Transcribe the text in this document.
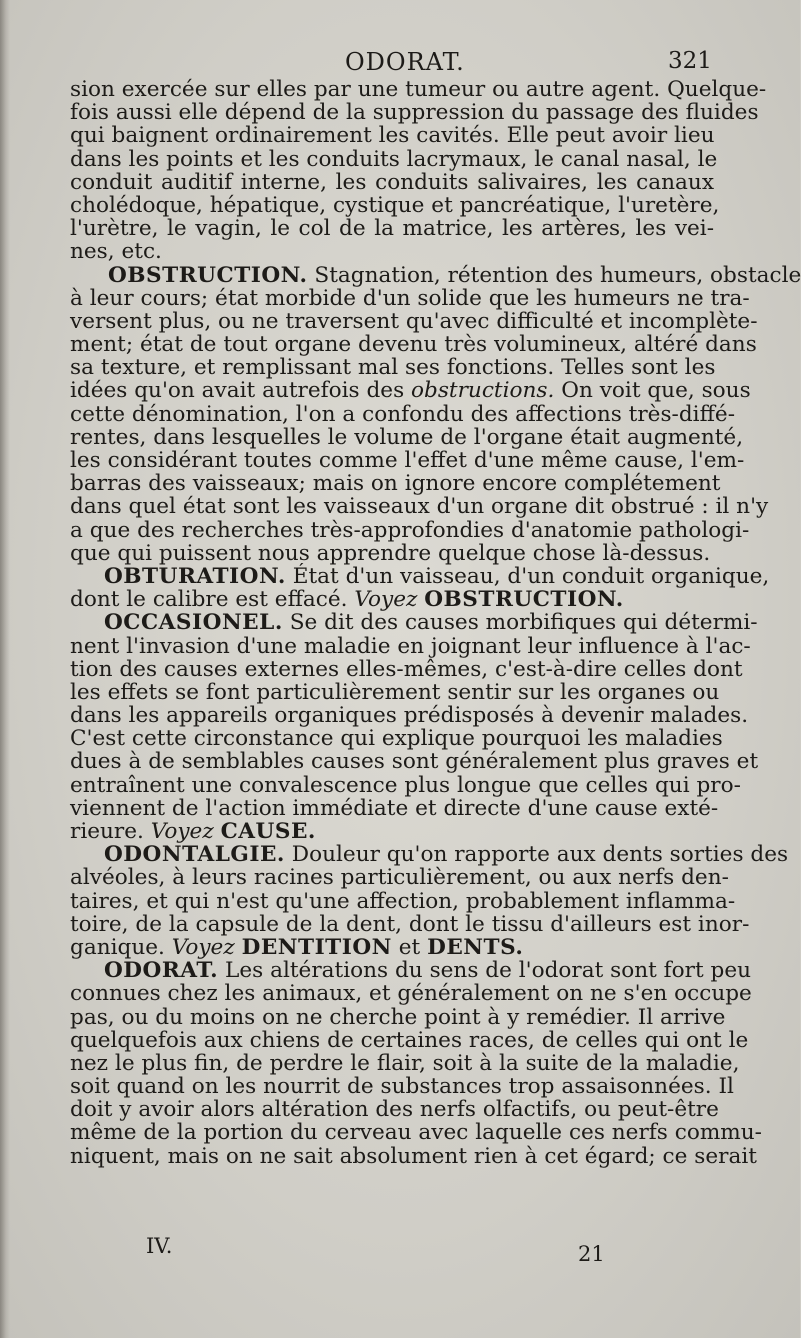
ODORAT.	321
sion exercée sur elles par une tumeur ou autre agent. Quelque-
fois aussi elle dépend de la suppression du passage des fluides
qui baignent ordinairement les cavités. Elle peut avoir lieu
dans les points et les conduits lacrymaux, le canal nasal, le
conduit auditif interne, les conduits salivaires, les canaux
cholédoque, hépatique, cystique et pancréatique, l'uretère,
l'urètre, le vagin, le col de la matrice, les artères, les vei-
nes, etc.
OBSTRUCTION. Stagnation, rétention des humeurs, obstacle
à leur cours; état morbide d'un solide que les humeurs ne tra-
versent plus, ou ne traversent qu'avec difficulté et incomplète-
ment; état de tout organe devenu très volumineux, altéré dans
sa texture, et remplissant mal ses fonctions. Telles sont les
idées qu'on avait autrefois des obstructions. On voit que, sous
cette dénomination, l'on a confondu des affections très-diffé-
rentes, dans lesquelles le volume de l'organe était augmenté,
les considérant toutes comme l'effet d'une même cause, l'em-
barras des vaisseaux; mais on ignore encore complétement
dans quel état sont les vaisseaux d'un organe dit obstrué : il n'y
a que des recherches très-approfondies d'anatomie pathologi-
que qui puissent nous apprendre quelque chose là-dessus.
OBTURATION. État d'un vaisseau, d'un conduit organique,
dont le calibre est effacé. Voyez OBSTRUCTION.
OCCASIONEL. Se dit des causes morbifiques qui détermi-
nent l'invasion d'une maladie en joignant leur influence à l'ac-
tion des causes externes elles-mêmes, c'est-à-dire celles dont
les effets se font particulièrement sentir sur les organes ou
dans les appareils organiques prédisposés à devenir malades.
C'est cette circonstance qui explique pourquoi les maladies
dues à de semblables causes sont généralement plus graves et
entraînent une convalescence plus longue que celles qui pro-
viennent de l'action immédiate et directe d'une cause exté-
rieure. Voyez CAUSE.
ODONTALGIE. Douleur qu'on rapporte aux dents sorties des
alvéoles, à leurs racines particulièrement, ou aux nerfs den-
taires, et qui n'est qu'une affection, probablement inflamma-
toire, de la capsule de la dent, dont le tissu d'ailleurs est inor-
ganique. Voyez DENTITION et DENTS.
ODORAT. Les altérations du sens de l'odorat sont fort peu
connues chez les animaux, et généralement on ne s'en occupe
pas, ou du moins on ne cherche point à y remédier. Il arrive
quelquefois aux chiens de certaines races, de celles qui ont le
nez le plus fin, de perdre le flair, soit à la suite de la maladie,
soit quand on les nourrit de substances trop assaisonnées. Il
doit y avoir alors altération des nerfs olfactifs, ou peut-être
même de la portion du cerveau avec laquelle ces nerfs commu-
niquent, mais on ne sait absolument rien à cet égard; ce serait
IV.	21
